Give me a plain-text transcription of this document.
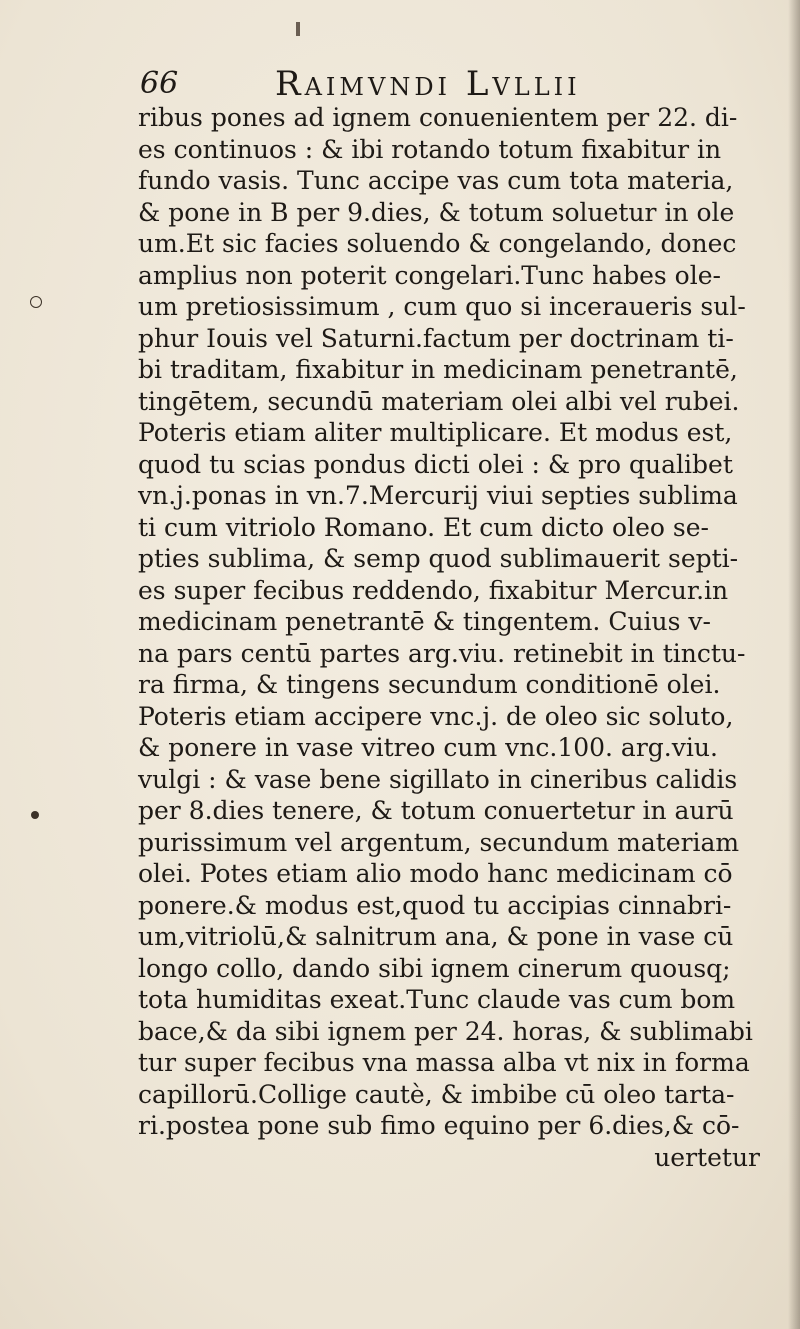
66	Raimvndi Lvllii
ribus pones ad ignem conuenientem per 22. di-
es continuos : & ibi rotando totum fixabitur in
fundo vasis. Tunc accipe vas cum tota materia,
& pone in B per 9.dies, & totum soluetur in ole
um.Et sic facies soluendo & congelando, donec
amplius non poterit congelari.Tunc habes ole-
um pretiosissimum , cum quo si inceraueris sul-
phur Iouis vel Saturni.factum per doctrinam ti-
bi traditam, fixabitur in medicinam penetrantē,
tingētem, secundū materiam olei albi vel rubei.
Poteris etiam aliter multiplicare. Et modus est,
quod tu scias pondus dicti olei : & pro qualibet
vn.j.ponas in vn.7.Mercurij viui septies sublima
ti cum vitriolo Romano. Et cum dicto oleo se-
pties sublima, & semp quod sublimauerit septi-
es super fecibus reddendo, fixabitur Mercur.in
medicinam penetrantē & tingentem. Cuius v-
na pars centū partes arg.viu. retinebit in tinctu-
ra firma, & tingens secundum conditionē olei.
Poteris etiam accipere vnc.j. de oleo sic soluto,
& ponere in vase vitreo cum vnc.100. arg.viu.
vulgi : & vase bene sigillato in cineribus calidis
per 8.dies tenere, & totum conuertetur in aurū
purissimum vel argentum, secundum materiam
olei. Potes etiam alio modo hanc medicinam cō
ponere.& modus est,quod tu accipias cinnabri-
um,vitriolū,& salnitrum ana, & pone in vase cū
longo collo, dando sibi ignem cinerum quousq;
tota humiditas exeat.Tunc claude vas cum bom
bace,& da sibi ignem per 24. horas, & sublimabi
tur super fecibus vna massa alba vt nix in forma
capillorū.Collige cautè, & imbibe cū oleo tarta-
ri.postea pone sub fimo equino per 6.dies,& cō-
uertetur
